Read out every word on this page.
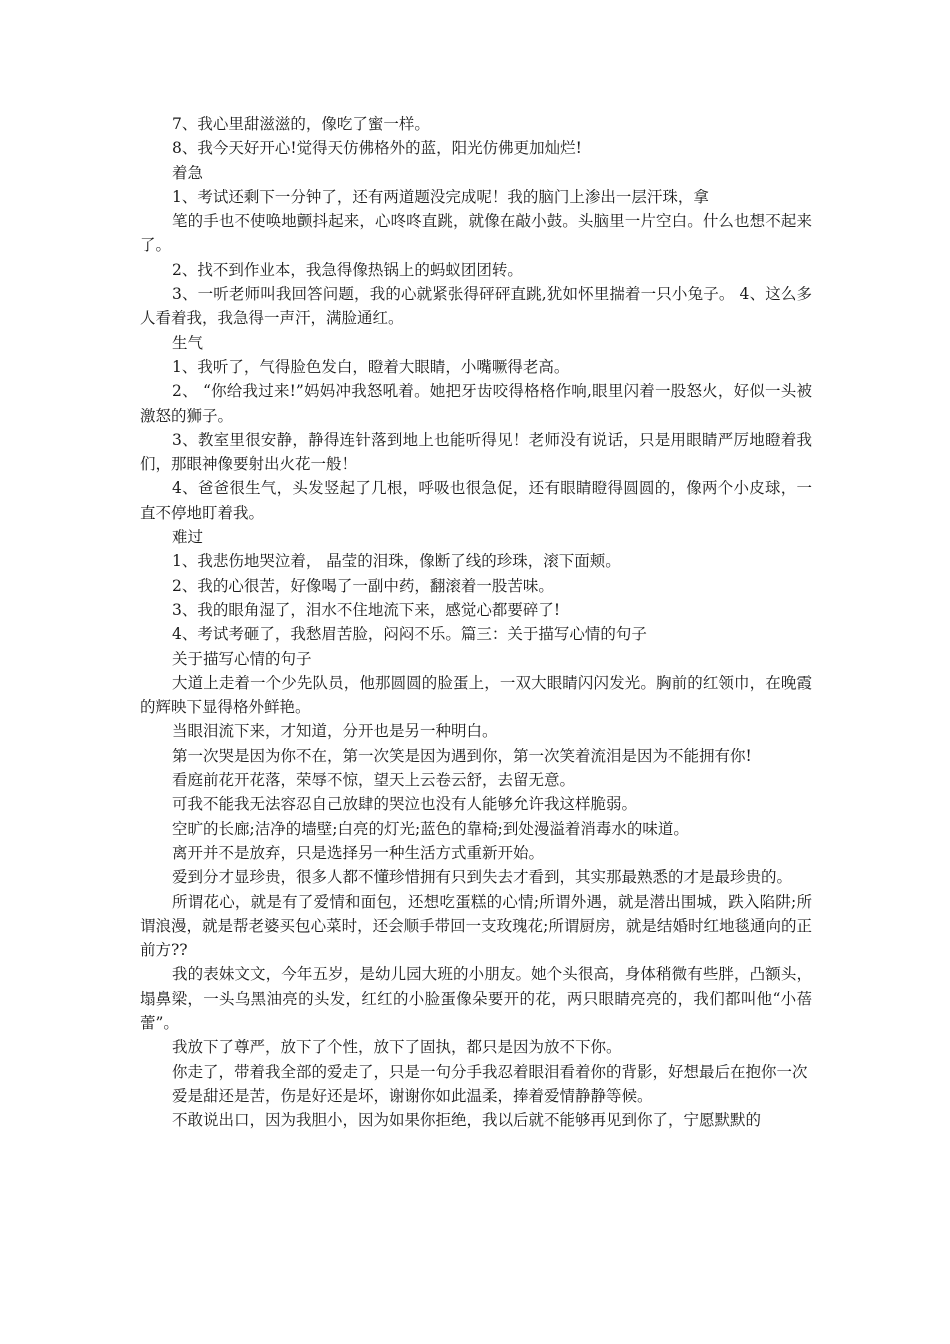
7、我心里甜滋滋的，像吃了蜜一样。

8、我今天好开心!觉得天仿佛格外的蓝，阳光仿佛更加灿烂!

着急

1、考试还剩下一分钟了，还有两道题没完成呢！我的脑门上渗出一层汗珠，拿

笔的手也不使唤地颤抖起来，心咚咚直跳，就像在敲小鼓。头脑里一片空白。什么也想不起来了。

2、找不到作业本，我急得像热锅上的蚂蚁团团转。

3、一听老师叫我回答问题，我的心就紧张得砰砰直跳,犹如怀里揣着一只小兔子。 4、这么多人看着我，我急得一声汗，满脸通红。

生气

1、我听了，气得脸色发白，瞪着大眼睛，小嘴噘得老高。

2、 “你给我过来!”妈妈冲我怒吼着。她把牙齿咬得格格作响,眼里闪着一股怒火，好似一头被激怒的狮子。

3、教室里很安静，静得连针落到地上也能听得见！老师没有说话，只是用眼睛严厉地瞪着我们，那眼神像要射出火花一般！

4、爸爸很生气，头发竖起了几根，呼吸也很急促，还有眼睛瞪得圆圆的，像两个小皮球，一直不停地盯着我。

难过

1、我悲伤地哭泣着， 晶莹的泪珠，像断了线的珍珠，滚下面颊。

2、我的心很苦，好像喝了一副中药，翻滚着一股苦味。

3、我的眼角湿了，泪水不住地流下来，感觉心都要碎了!

4、考试考砸了，我愁眉苦脸，闷闷不乐。篇三：关于描写心情的句子

关于描写心情的句子

大道上走着一个少先队员，他那圆圆的脸蛋上，一双大眼睛闪闪发光。胸前的红领巾，在晚霞的辉映下显得格外鲜艳。

当眼泪流下来，才知道，分开也是另一种明白。

第一次哭是因为你不在，第一次笑是因为遇到你，第一次笑着流泪是因为不能拥有你!

看庭前花开花落，荣辱不惊，望天上云卷云舒，去留无意。

可我不能我无法容忍自己放肆的哭泣也没有人能够允许我这样脆弱。

空旷的长廊;洁净的墙壁;白亮的灯光;蓝色的靠椅;到处漫溢着消毒水的味道。

离开并不是放弃，只是选择另一种生活方式重新开始。

爱到分才显珍贵，很多人都不懂珍惜拥有只到失去才看到，其实那最熟悉的才是最珍贵的。

所谓花心，就是有了爱情和面包，还想吃蛋糕的心情;所谓外遇，就是潜出围城，跌入陷阱;所谓浪漫，就是帮老婆买包心菜时，还会顺手带回一支玫瑰花;所谓厨房，就是结婚时红地毯通向的正前方??

我的表妹文文，今年五岁，是幼儿园大班的小朋友。她个头很高，身体稍微有些胖，凸额头，塌鼻梁，一头乌黑油亮的头发，红红的小脸蛋像朵要开的花，两只眼睛亮亮的，我们都叫他“小蓓蕾”。

我放下了尊严，放下了个性，放下了固执，都只是因为放不下你。

你走了，带着我全部的爱走了，只是一句分手我忍着眼泪看着你的背影，好想最后在抱你一次

爱是甜还是苦，伤是好还是坏，谢谢你如此温柔，捧着爱情静静等候。

不敢说出口，因为我胆小，因为如果你拒绝，我以后就不能够再见到你了，宁愿默默的
